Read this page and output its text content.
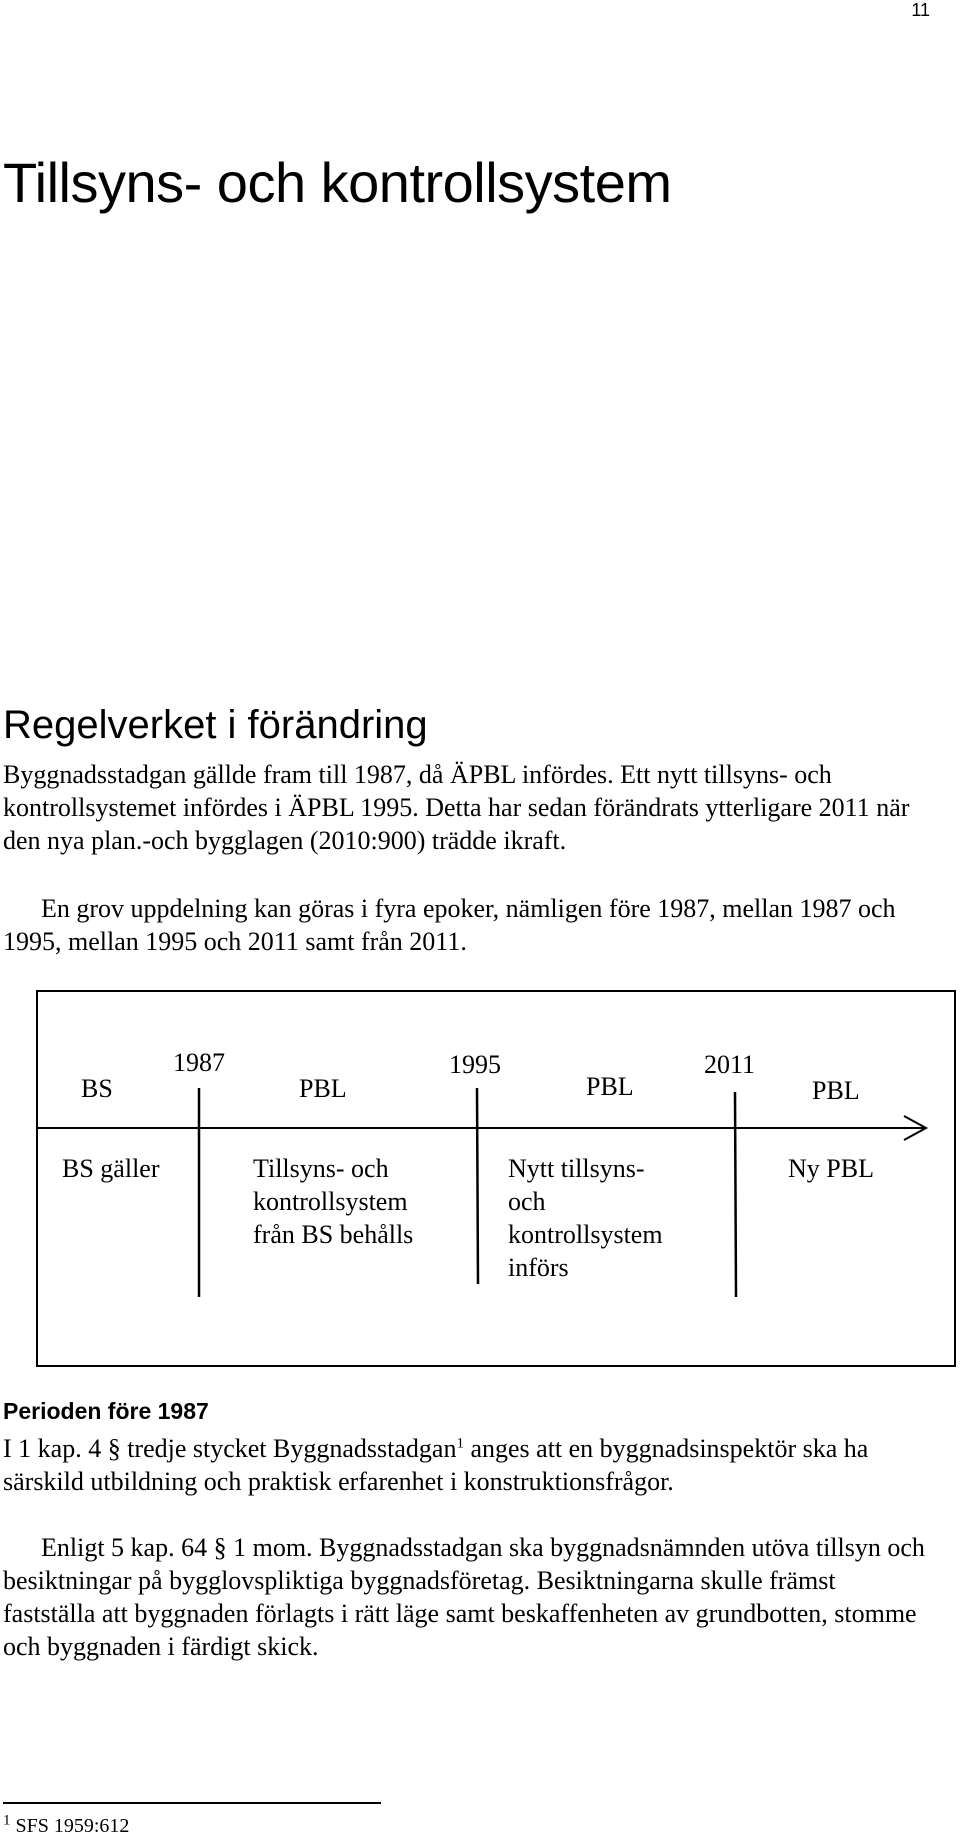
11
Tillsyns- och kontrollsystem
Regelverket i förändring

Byggnadsstadgan gällde fram till 1987, då ÄPBL infördes. Ett nytt tillsyns- och kontrollsystemet infördes i ÄPBL 1995. Detta har sedan förändrats ytterligare 2011 när den nya plan.-och bygglagen (2010:900) trädde ikraft.

En grov uppdelning kan göras i fyra epoker, nämligen före 1987, mellan 1987 och 1995, mellan 1995 och 2011 samt från 2011.

1987	1995	2011
BS	PBL	PBL	PBL
BS gäller	Tillsyns- och
kontrollsystem
från BS behålls
Nytt tillsyns-
och
kontrollsystem
införs
Ny PBL
Perioden före 1987

I 1 kap. 4 § tredje stycket Byggnadsstadgan$^1$ anges att en byggnadsinspektör ska ha särskild utbildning och praktisk erfarenhet i konstruktionsfrågor.

Enligt 5 kap. 64 § 1 mom. Byggnadsstadgan ska byggnadsnämnden utöva tillsyn och besiktningar på bygglovspliktiga byggnadsföretag. Besiktningarna skulle främst fastställa att byggnaden förlagts i rätt läge samt beskaffenheten av grundbotten, stomme och byggnaden i färdigt skick.

$^1$ SFS 1959:612
